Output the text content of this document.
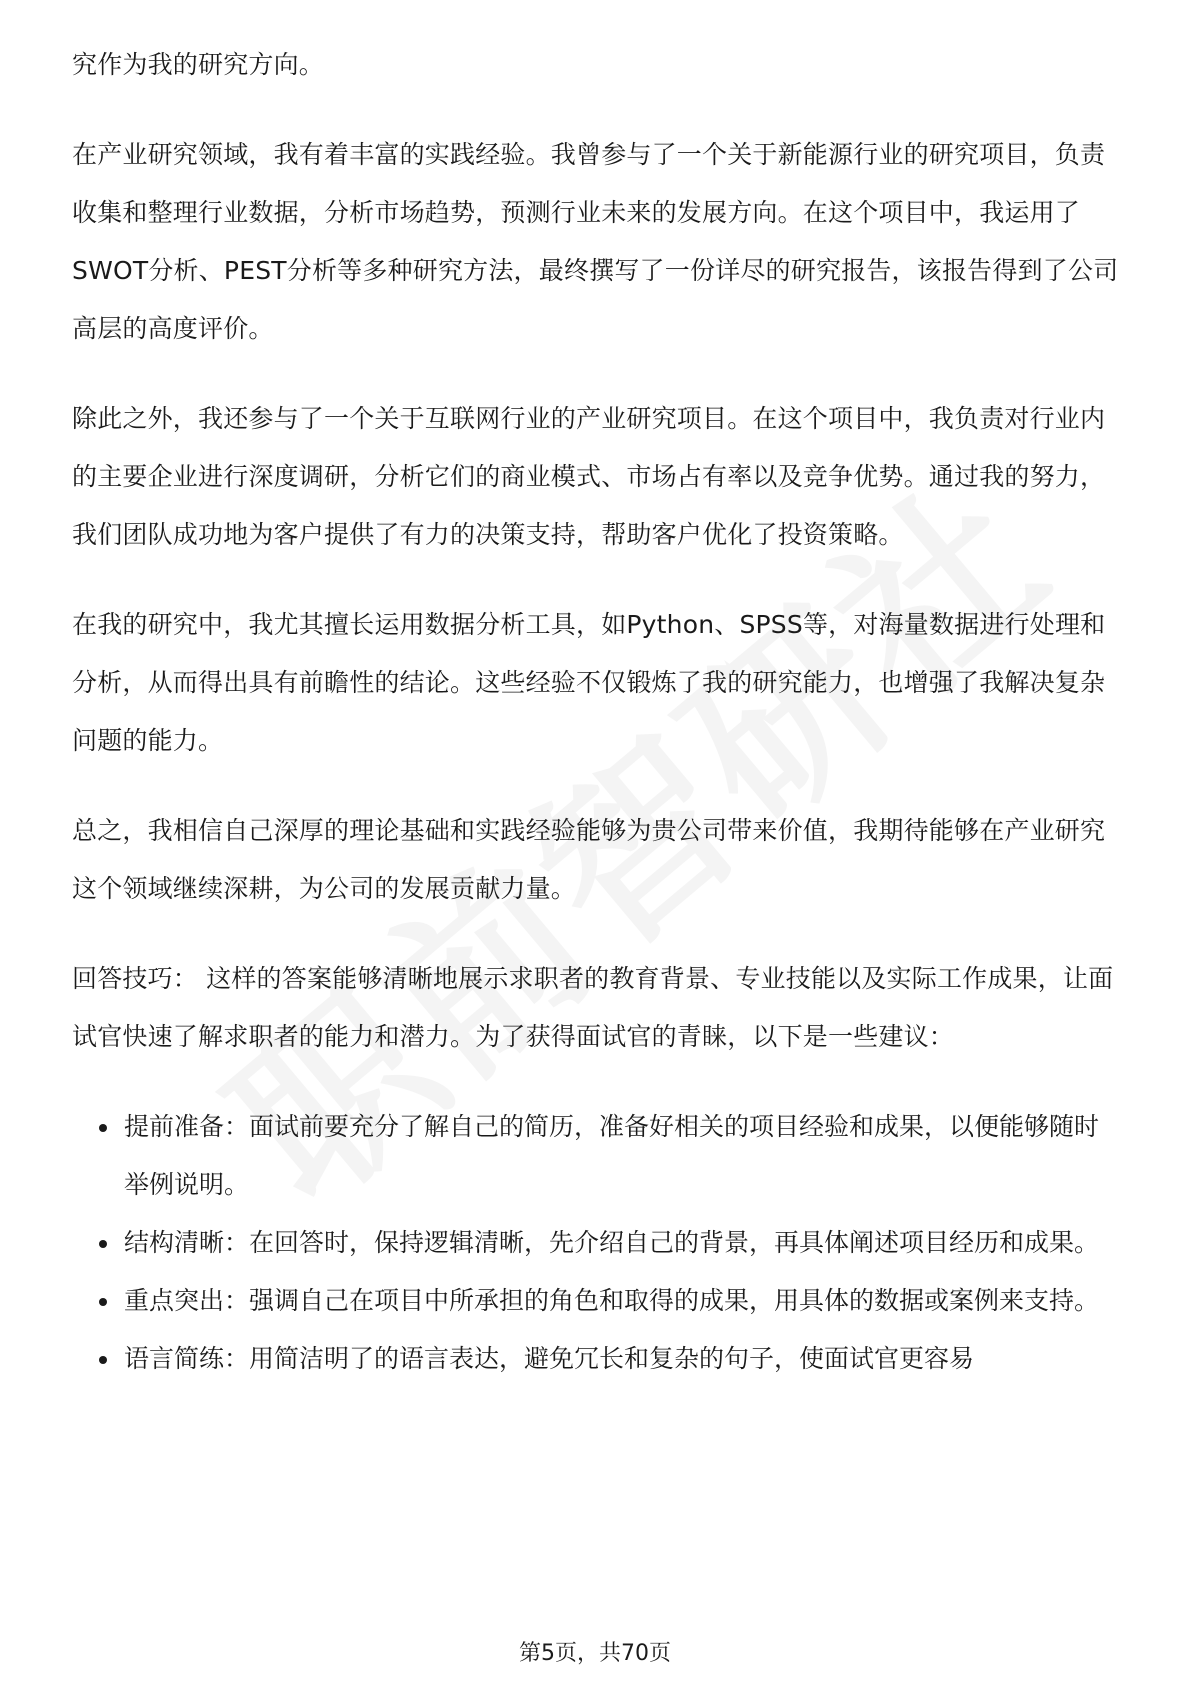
究作为我的研究方向。

在产业研究领域，我有着丰富的实践经验。我曾参与了一个关于新能源行业的研究项目，负责收集和整理行业数据，分析市场趋势，预测行业未来的发展方向。在这个项目中，我运用了SWOT分析、PEST分析等多种研究方法，最终撰写了一份详尽的研究报告，该报告得到了公司高层的高度评价。

除此之外，我还参与了一个关于互联网行业的产业研究项目。在这个项目中，我负责对行业内的主要企业进行深度调研，分析它们的商业模式、市场占有率以及竞争优势。通过我的努力，我们团队成功地为客户提供了有力的决策支持，帮助客户优化了投资策略。

在我的研究中，我尤其擅长运用数据分析工具，如Python、SPSS等，对海量数据进行处理和分析，从而得出具有前瞻性的结论。这些经验不仅锻炼了我的研究能力，也增强了我解决复杂问题的能力。

总之，我相信自己深厚的理论基础和实践经验能够为贵公司带来价值，我期待能够在产业研究这个领域继续深耕，为公司的发展贡献力量。

回答技巧： 这样的答案能够清晰地展示求职者的教育背景、专业技能以及实际工作成果，让面试官快速了解求职者的能力和潜力。为了获得面试官的青睐，以下是一些建议：

提前准备：面试前要充分了解自己的简历，准备好相关的项目经验和成果，以便能够随时举例说明。
结构清晰：在回答时，保持逻辑清晰，先介绍自己的背景，再具体阐述项目经历和成果。
重点突出：强调自己在项目中所承担的角色和取得的成果，用具体的数据或案例来支持。
语言简练：用简洁明了的语言表达，避免冗长和复杂的句子，使面试官更容易
第5页，共70页
